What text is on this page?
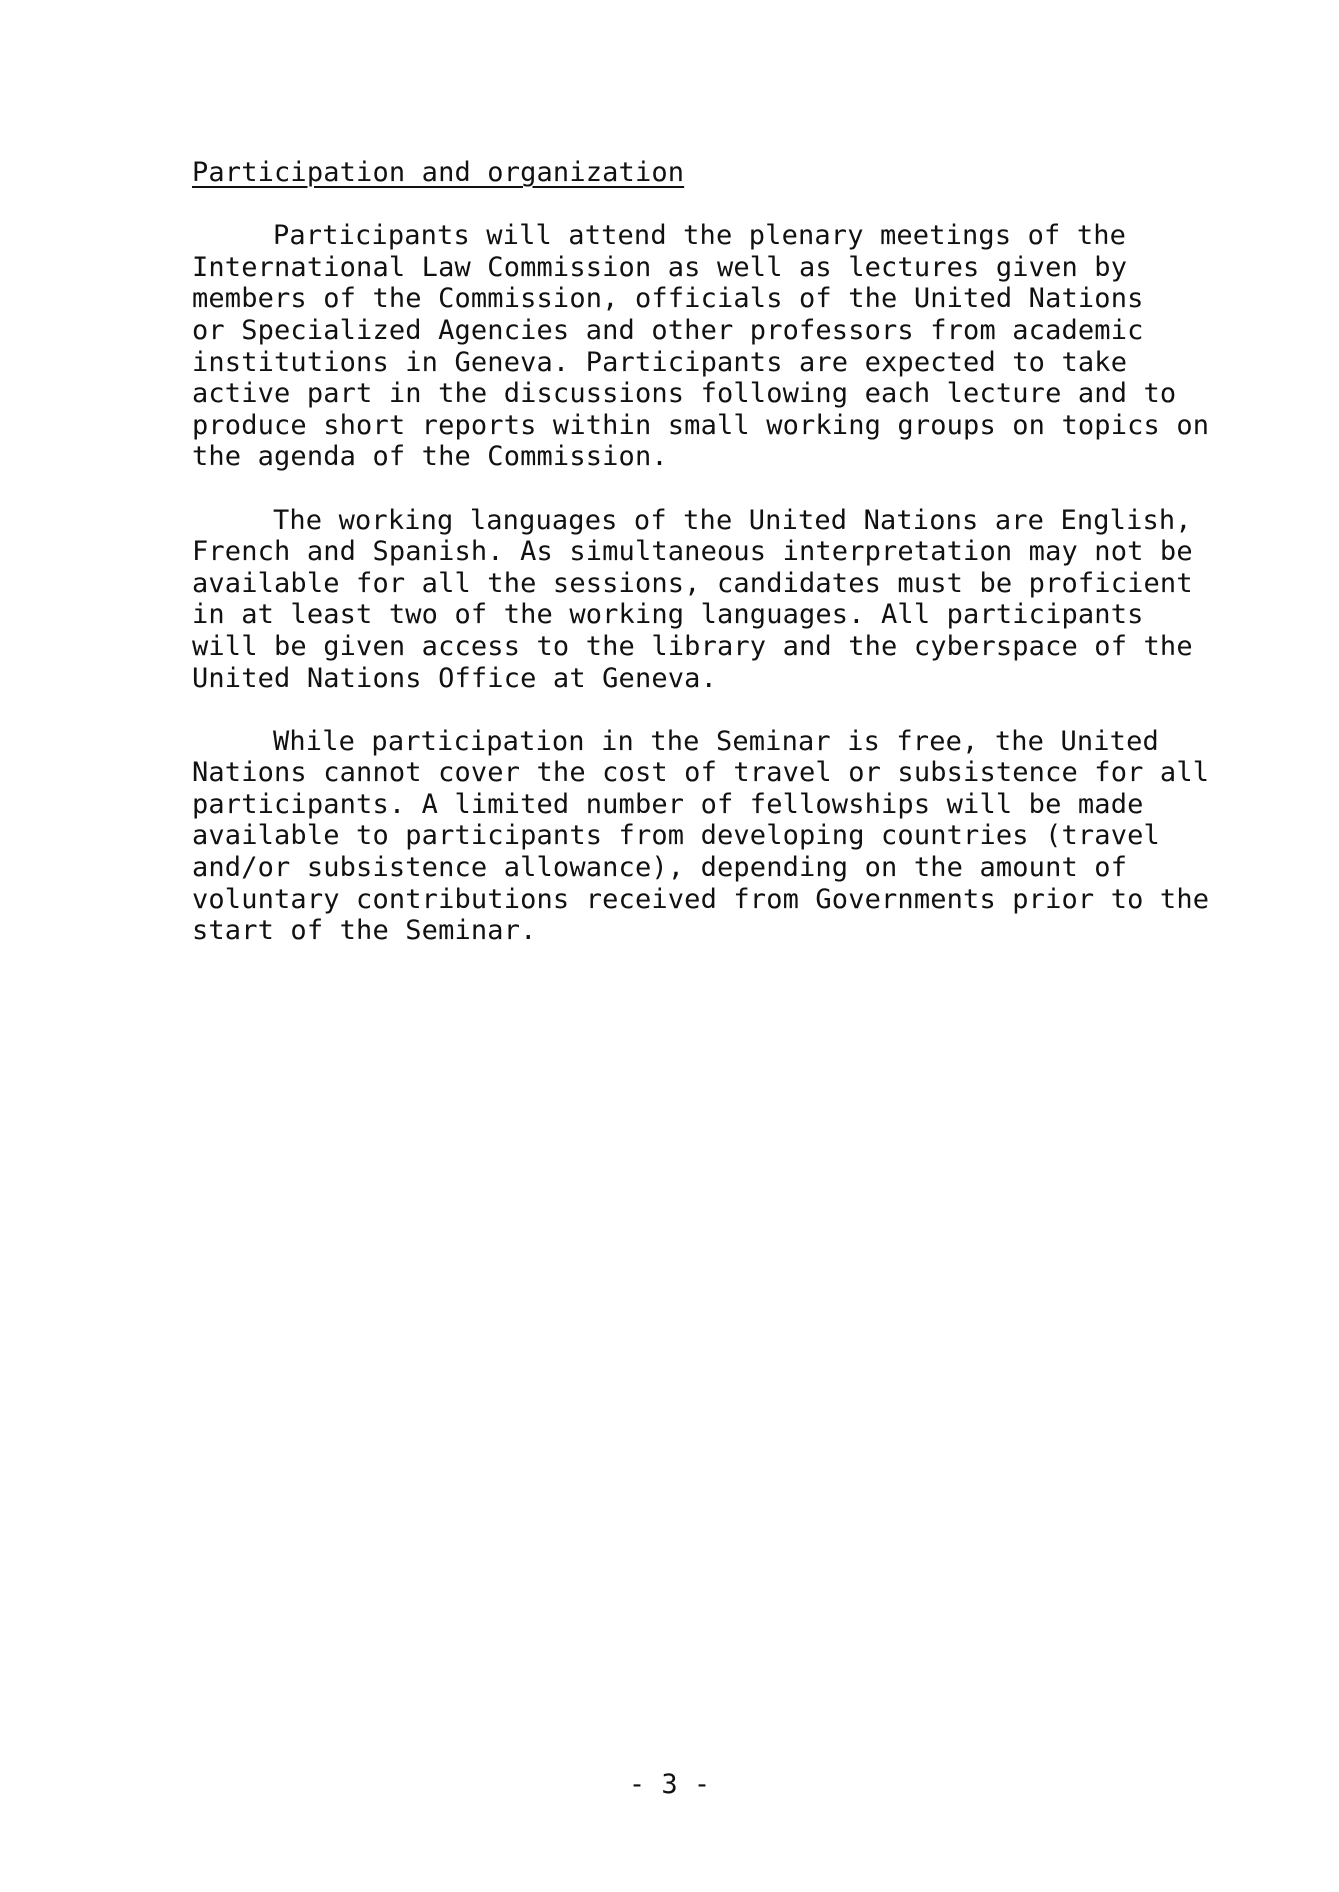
Participation and organization
Participants will attend the plenary meetings of the
International Law Commission as well as lectures given by
members of the Commission, officials of the United Nations
or Specialized Agencies and other professors from academic
institutions in Geneva. Participants are expected to take
active part in the discussions following each lecture and to
produce short reports within small working groups on topics on
the agenda of the Commission.
The working languages of the United Nations are English,
French and Spanish. As simultaneous interpretation may not be
available for all the sessions, candidates must be proficient
in at least two of the working languages. All participants
will be given access to the library and the cyberspace of the
United Nations Office at Geneva.
While participation in the Seminar is free, the United
Nations cannot cover the cost of travel or subsistence for all
participants. A limited number of fellowships will be made
available to participants from developing countries (travel
and/or subsistence allowance), depending on the amount of
voluntary contributions received from Governments prior to the
start of the Seminar.
- 3 -
